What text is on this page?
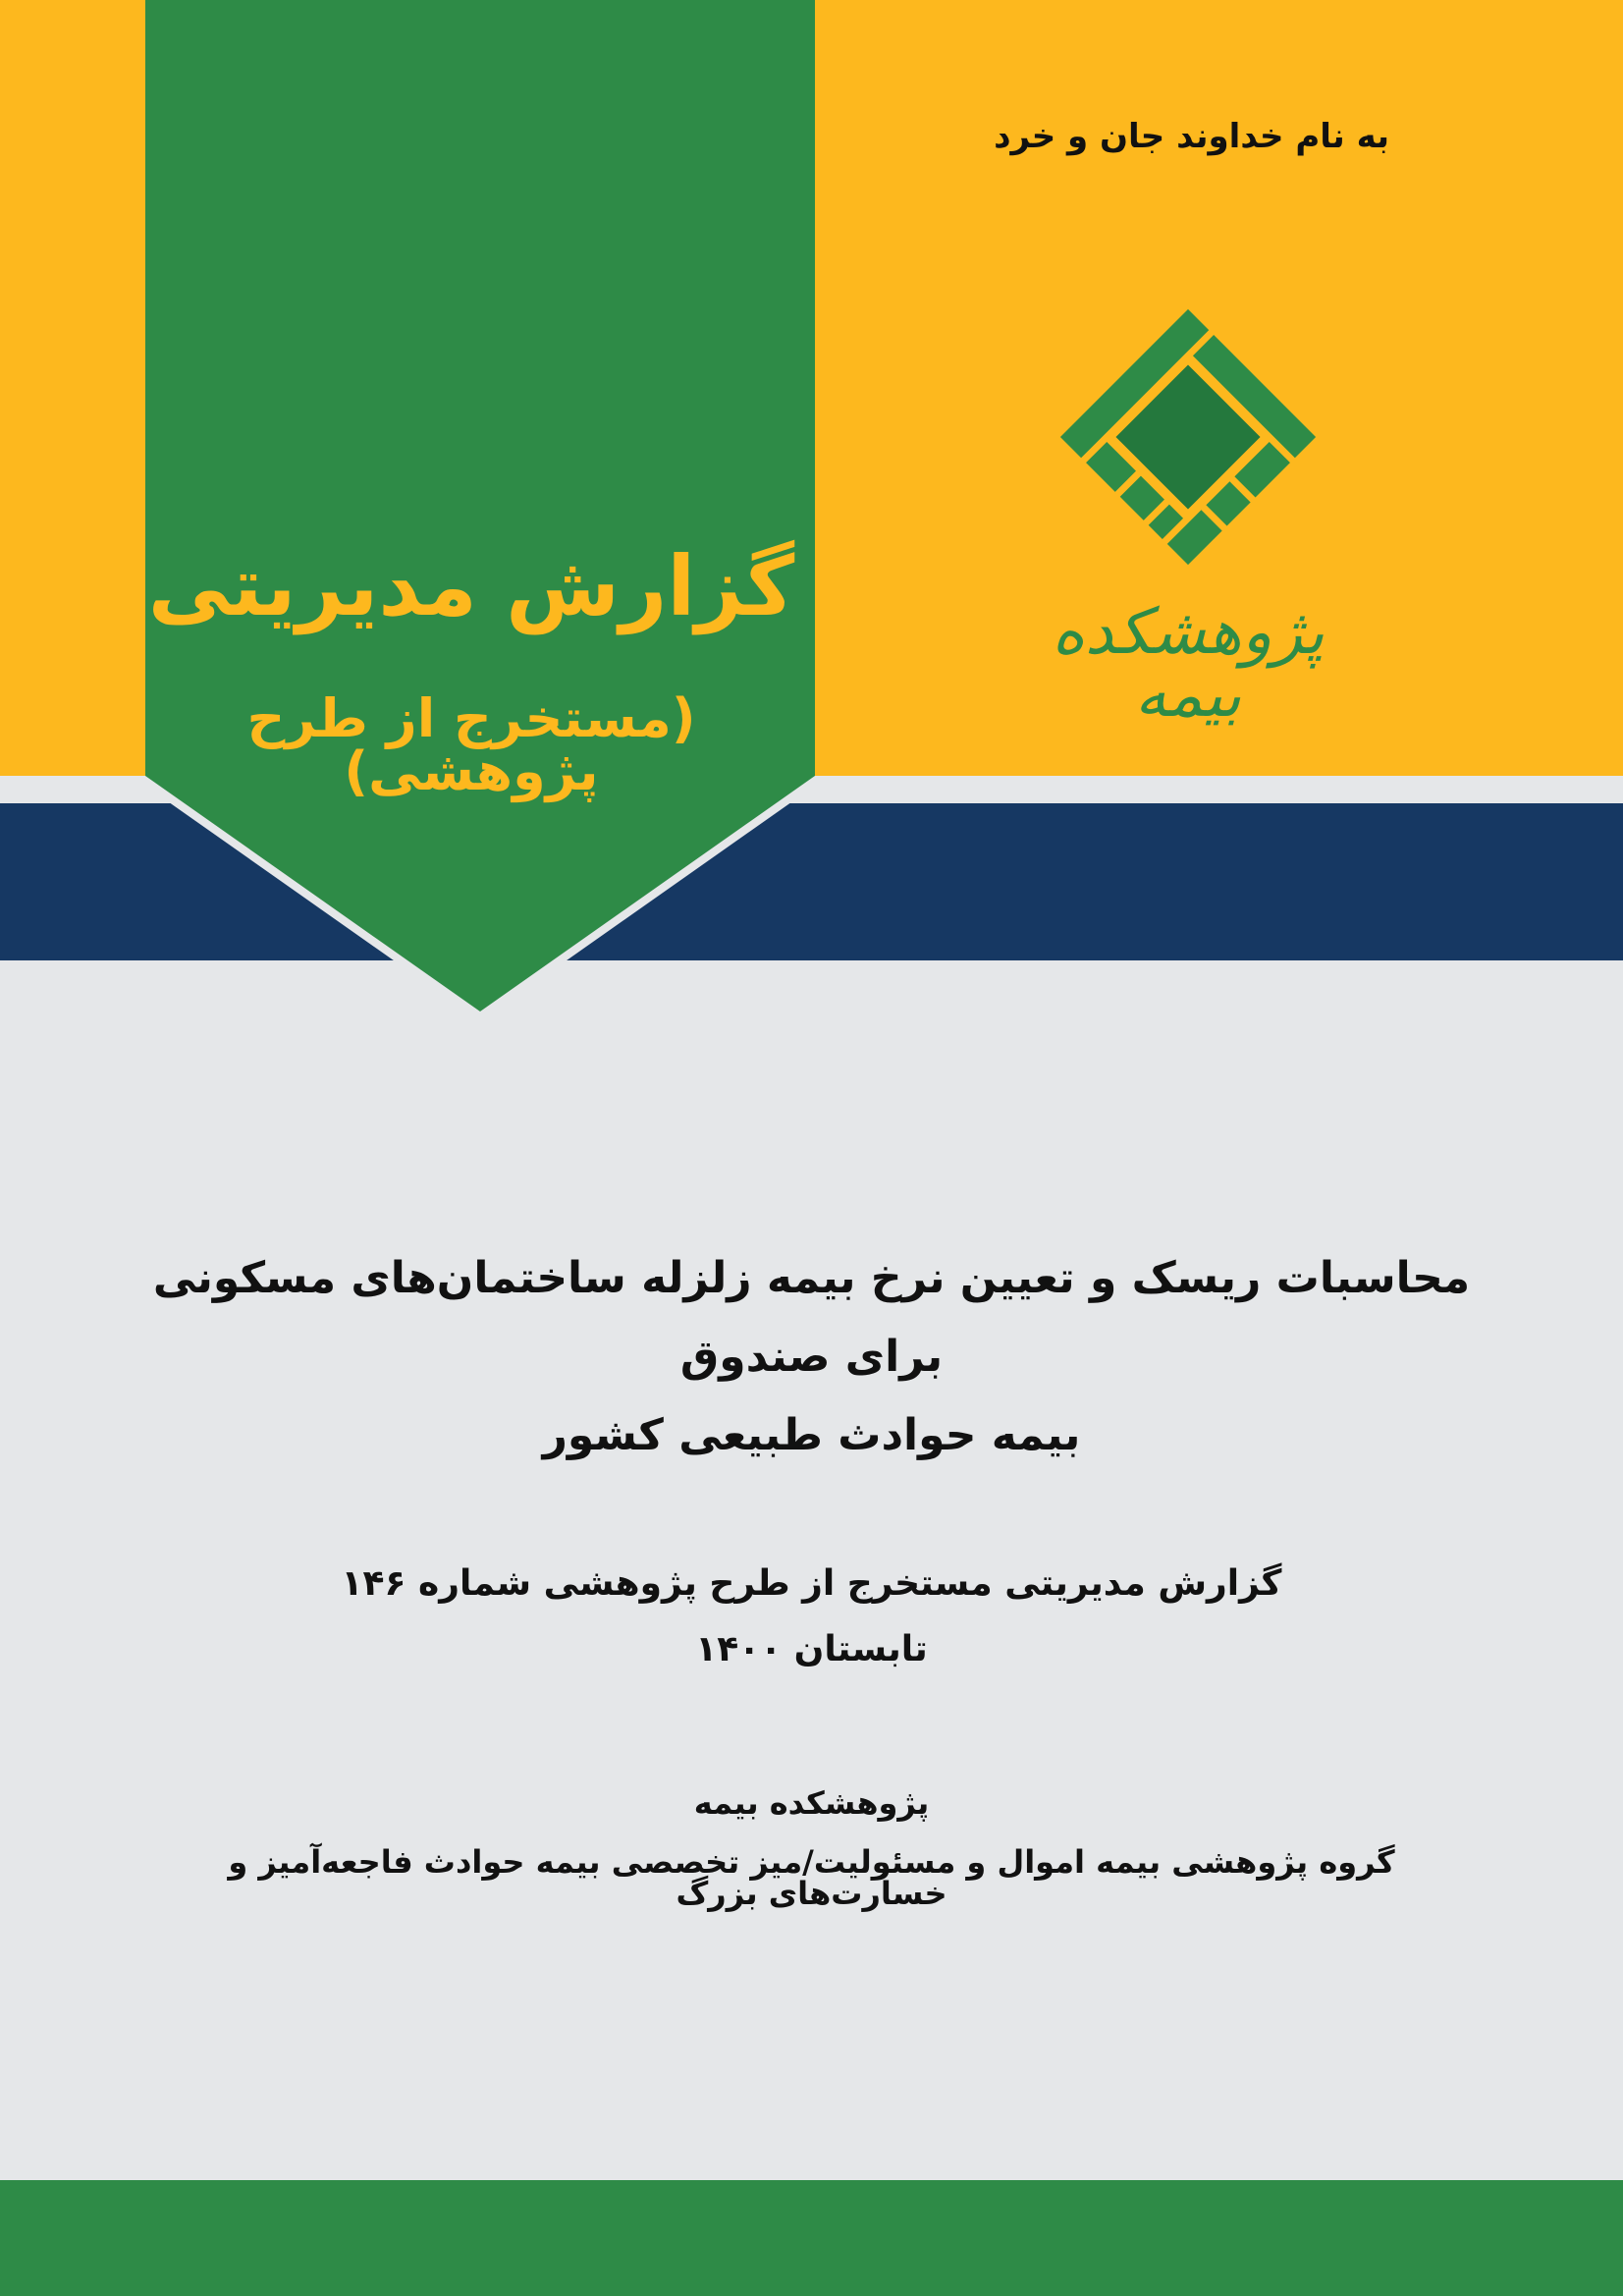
گزارش مدیریتی
(مستخرج از طرح پژوهشی)
به نام خداوند جان و خرد
پژوهشکده بیمه
محاسبات ریسک و تعیین نرخ بیمه زلزله ساختمان‌های مسکونی برای صندوق
بیمه حوادث طبیعی کشور
گزارش مدیریتی مستخرج از طرح پژوهشی شماره ۱۴۶
تابستان ۱۴۰۰
پژوهشکده بیمه
گروه پژوهشی بیمه اموال و مسئولیت/میز تخصصی بیمه حوادث فاجعه‌آمیز و خسارت‌های بزرگ
